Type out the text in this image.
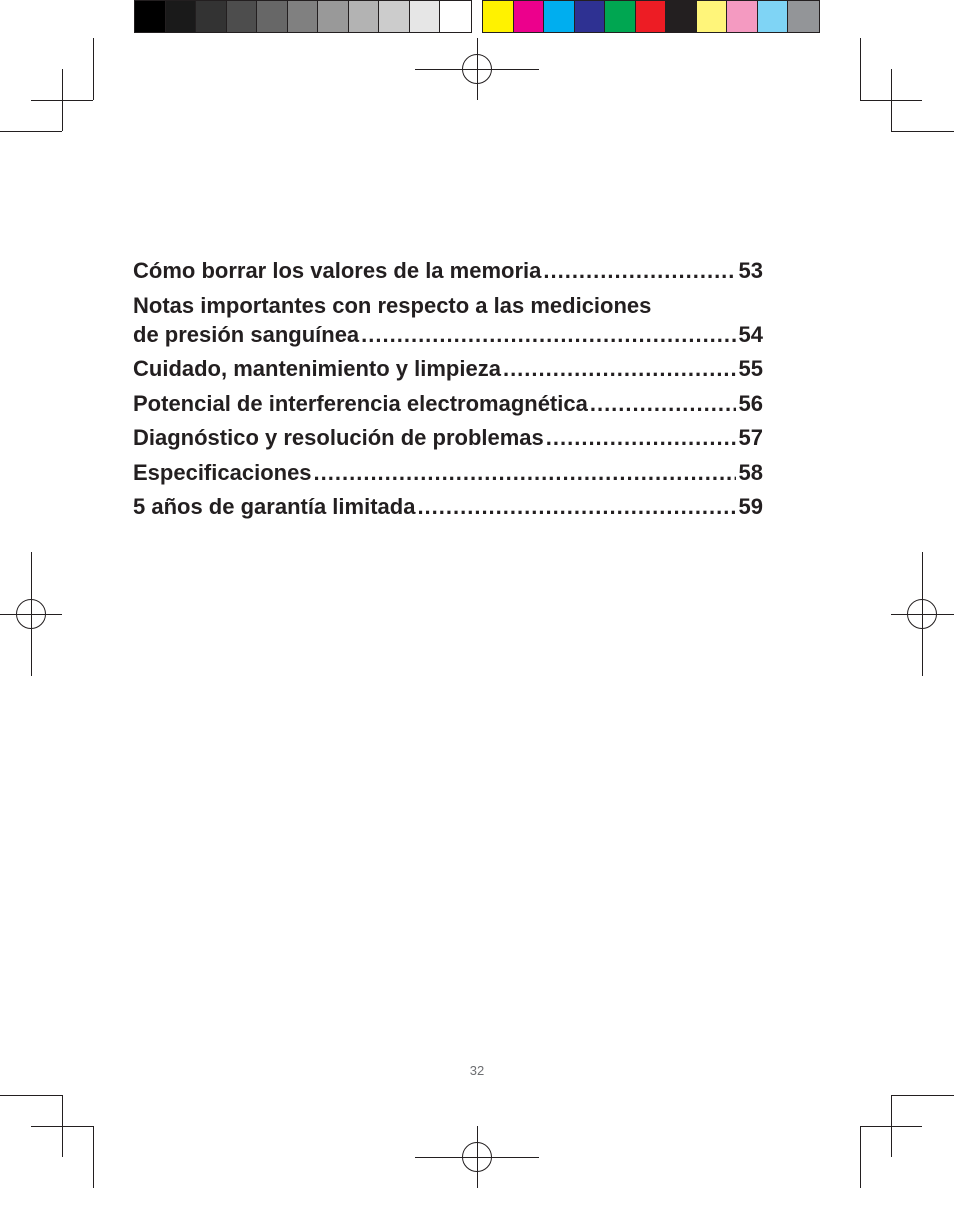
Cómo borrar los valores de la memoria .....	53
Notas importantes con respecto a las mediciones
de presión sanguínea .....	54
Cuidado, mantenimiento y limpieza .....	55
Potencial de interferencia electromagnética .....	56
Diagnóstico y resolución de problemas .....	57
Especificaciones .....	58
5 años de garantía limitada .....	59
32
